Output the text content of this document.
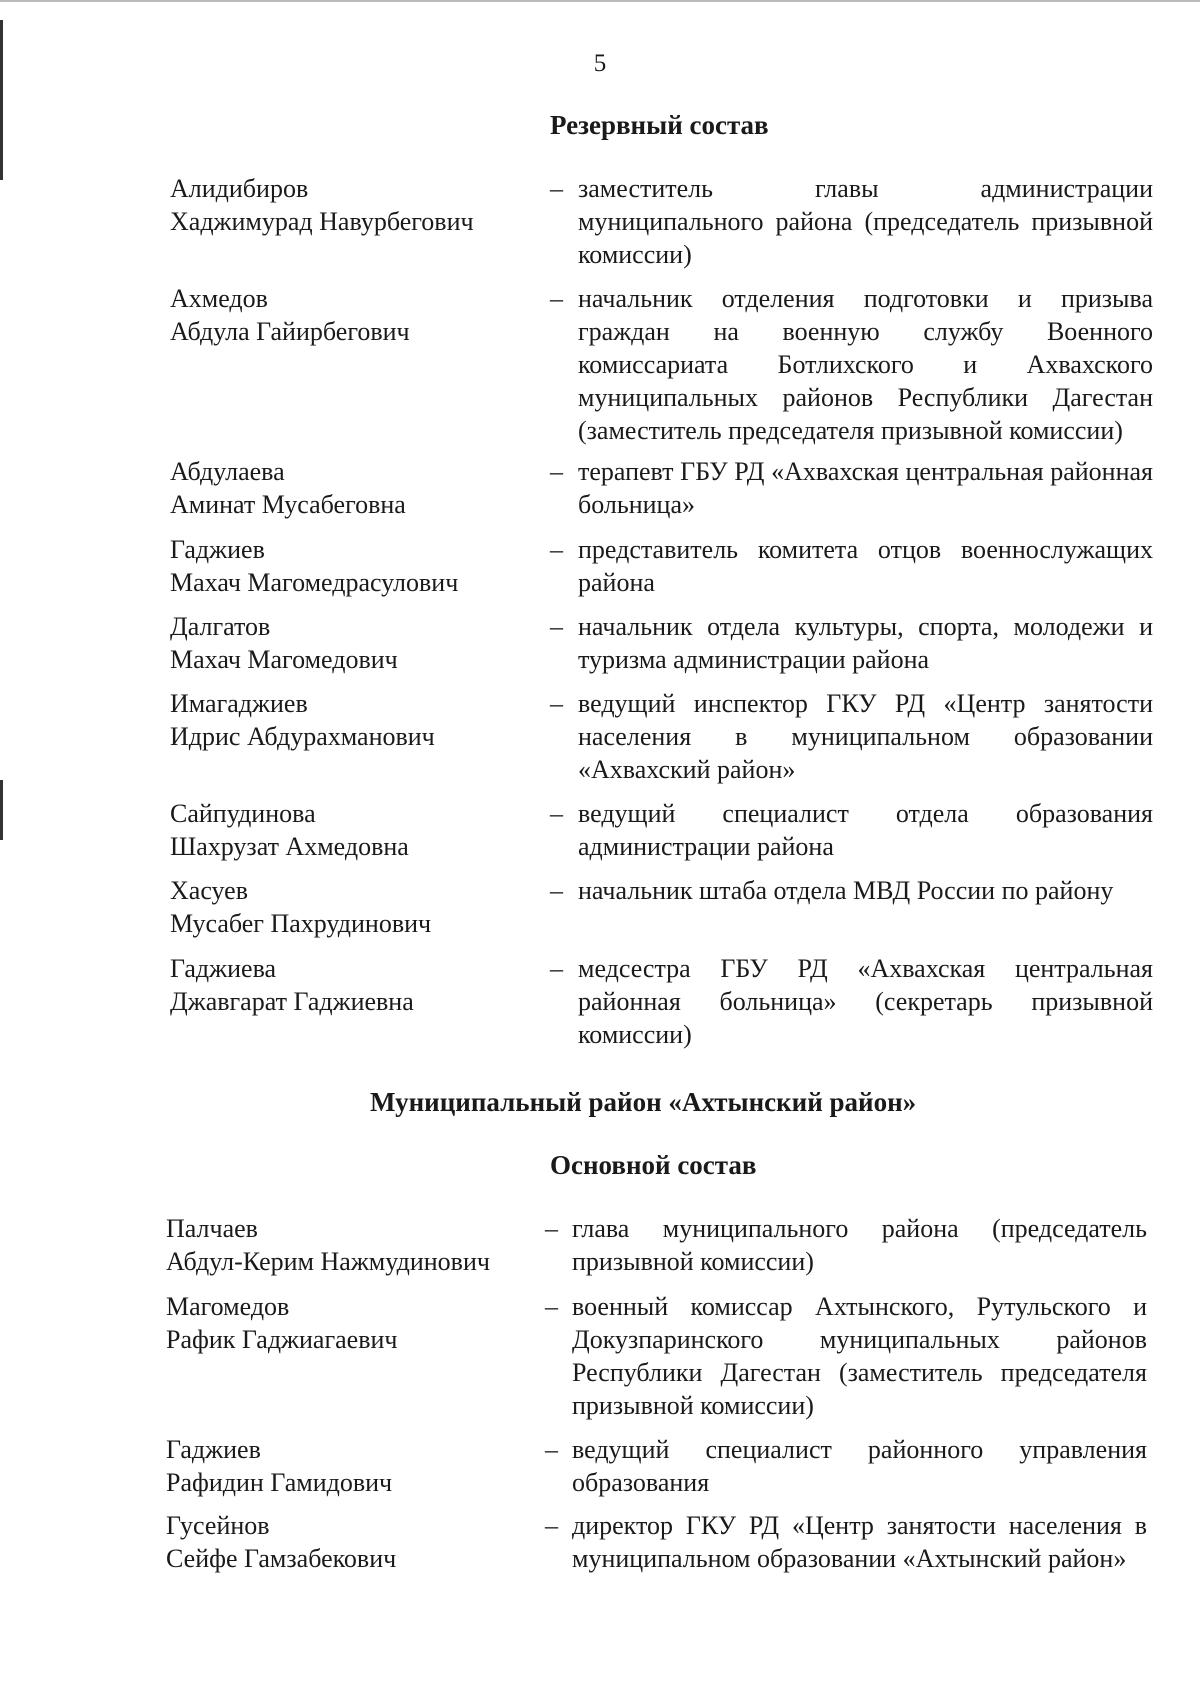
5
Резервный состав
Алидибиров
Хаджимурад Навурбегович
– заместитель главы администрации муниципального района (председатель призывной комиссии)
Ахмедов
Абдула Гайирбегович
– начальник отделения подготовки и призыва граждан на военную службу Военного комиссариата Ботлихского и Ахвахского муниципальных районов Республики Дагестан (заместитель председателя призывной комиссии)
Абдулаева
Аминат Мусабеговна
– терапевт ГБУ РД «Ахвахская центральная районная больница»
Гаджиев
Махач Магомедрасулович
– представитель комитета отцов военнослужащих района
Далгатов
Махач Магомедович
– начальник отдела культуры, спорта, молодежи и туризма администрации района
Имагаджиев
Идрис Абдурахманович
– ведущий инспектор ГКУ РД «Центр занятости населения в муниципальном образовании «Ахвахский район»
Сайпудинова
Шахрузат Ахмедовна
– ведущий специалист отдела образования администрации района
Хасуев
Мусабег Пахрудинович
– начальник штаба отдела МВД России по району
Гаджиева
Джавгарат Гаджиевна
– медсестра ГБУ РД «Ахвахская центральная районная больница» (секретарь призывной комиссии)
Муниципальный район «Ахтынский район»
Основной состав
Палчаев
Абдул-Керим Нажмудинович
– глава муниципального района (председатель призывной комиссии)
Магомедов
Рафик Гаджиагаевич
– военный комиссар Ахтынского, Рутульского и Докузпаринского муниципальных районов Республики Дагестан (заместитель председателя призывной комиссии)
Гаджиев
Рафидин Гамидович
– ведущий специалист районного управления образования
Гусейнов
Сейфе Гамзабекович
– директор ГКУ РД «Центр занятости населения в муниципальном образовании «Ахтынский район»
